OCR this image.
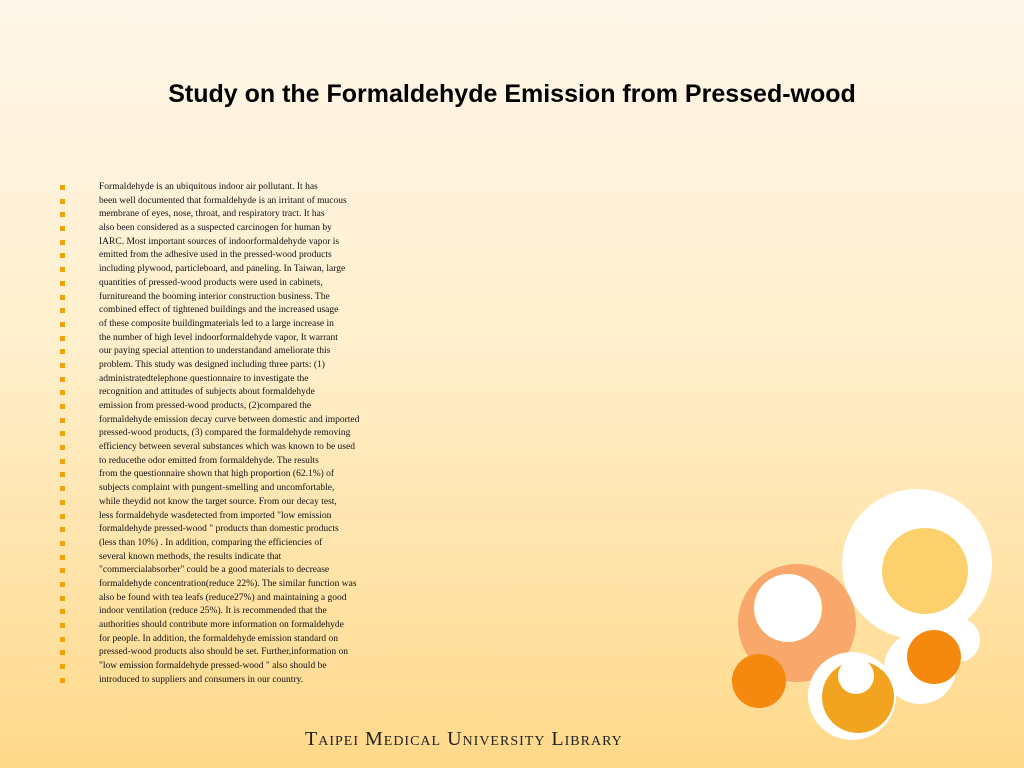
Study on the Formaldehyde Emission from Pressed-wood
Formaldehyde is an ubiquitous indoor air pollutant. It has
been well documented that formaldehyde is an irritant of mucous
membrane of eyes, nose, throat, and respiratory tract. It has
also been considered as a suspected carcinogen for human by
IARC. Most important sources of indoorformaldehyde vapor is
emitted from the adhesive used in the pressed-wood products
including plywood, particleboard, and paneling. In Taiwan, large
quantities of pressed-wood products were used in cabinets,
furnitureand the booming interior construction business. The
combined effect of tightened buildings and the increased usage
of these composite buildingmaterials led to a large increase in
the number of high level indoorformaldehyde vapor, It warrant
our paying special attention to understandand ameliorate this
problem. This study was designed including three parts: (1)
administratedtelephone questionnaire to investigate the
recognition and attitudes of subjects about formaldehyde
emission from pressed-wood products, (2)compared the
formaldehyde emission decay curve between domestic and imported
pressed-wood products, (3) compared the formaldehyde removing
efficiency between several substances which was known to be used
to reducethe odor emitted from formaldehyde. The results
from the questionnaire shown that high proportion (62.1%) of
subjects complaint with pungent-smelling and uncomfortable,
while theydid not know the target source. From our decay test,
less formaldehyde wasdetected from imported "low emission
formaldehyde pressed-wood " products than domestic products
(less than 10%) . In addition, comparing the efficiencies of
several known methods, the results indicate that
"commercialabsorber" could be a good materials to decrease
formaldehyde concentration(reduce 22%). The similar function was
also be found with tea leafs (reduce27%) and maintaining a good
indoor ventilation (reduce 25%). It is recommended that the
authorities should contribute more information on formaldehyde
for people. In addition, the formaldehyde emission standard on
pressed-wood products also should be set. Further,information on
"low emission formaldehyde pressed-wood " also should be
introduced to suppliers and consumers in our country.

Taipei Medical University Library
